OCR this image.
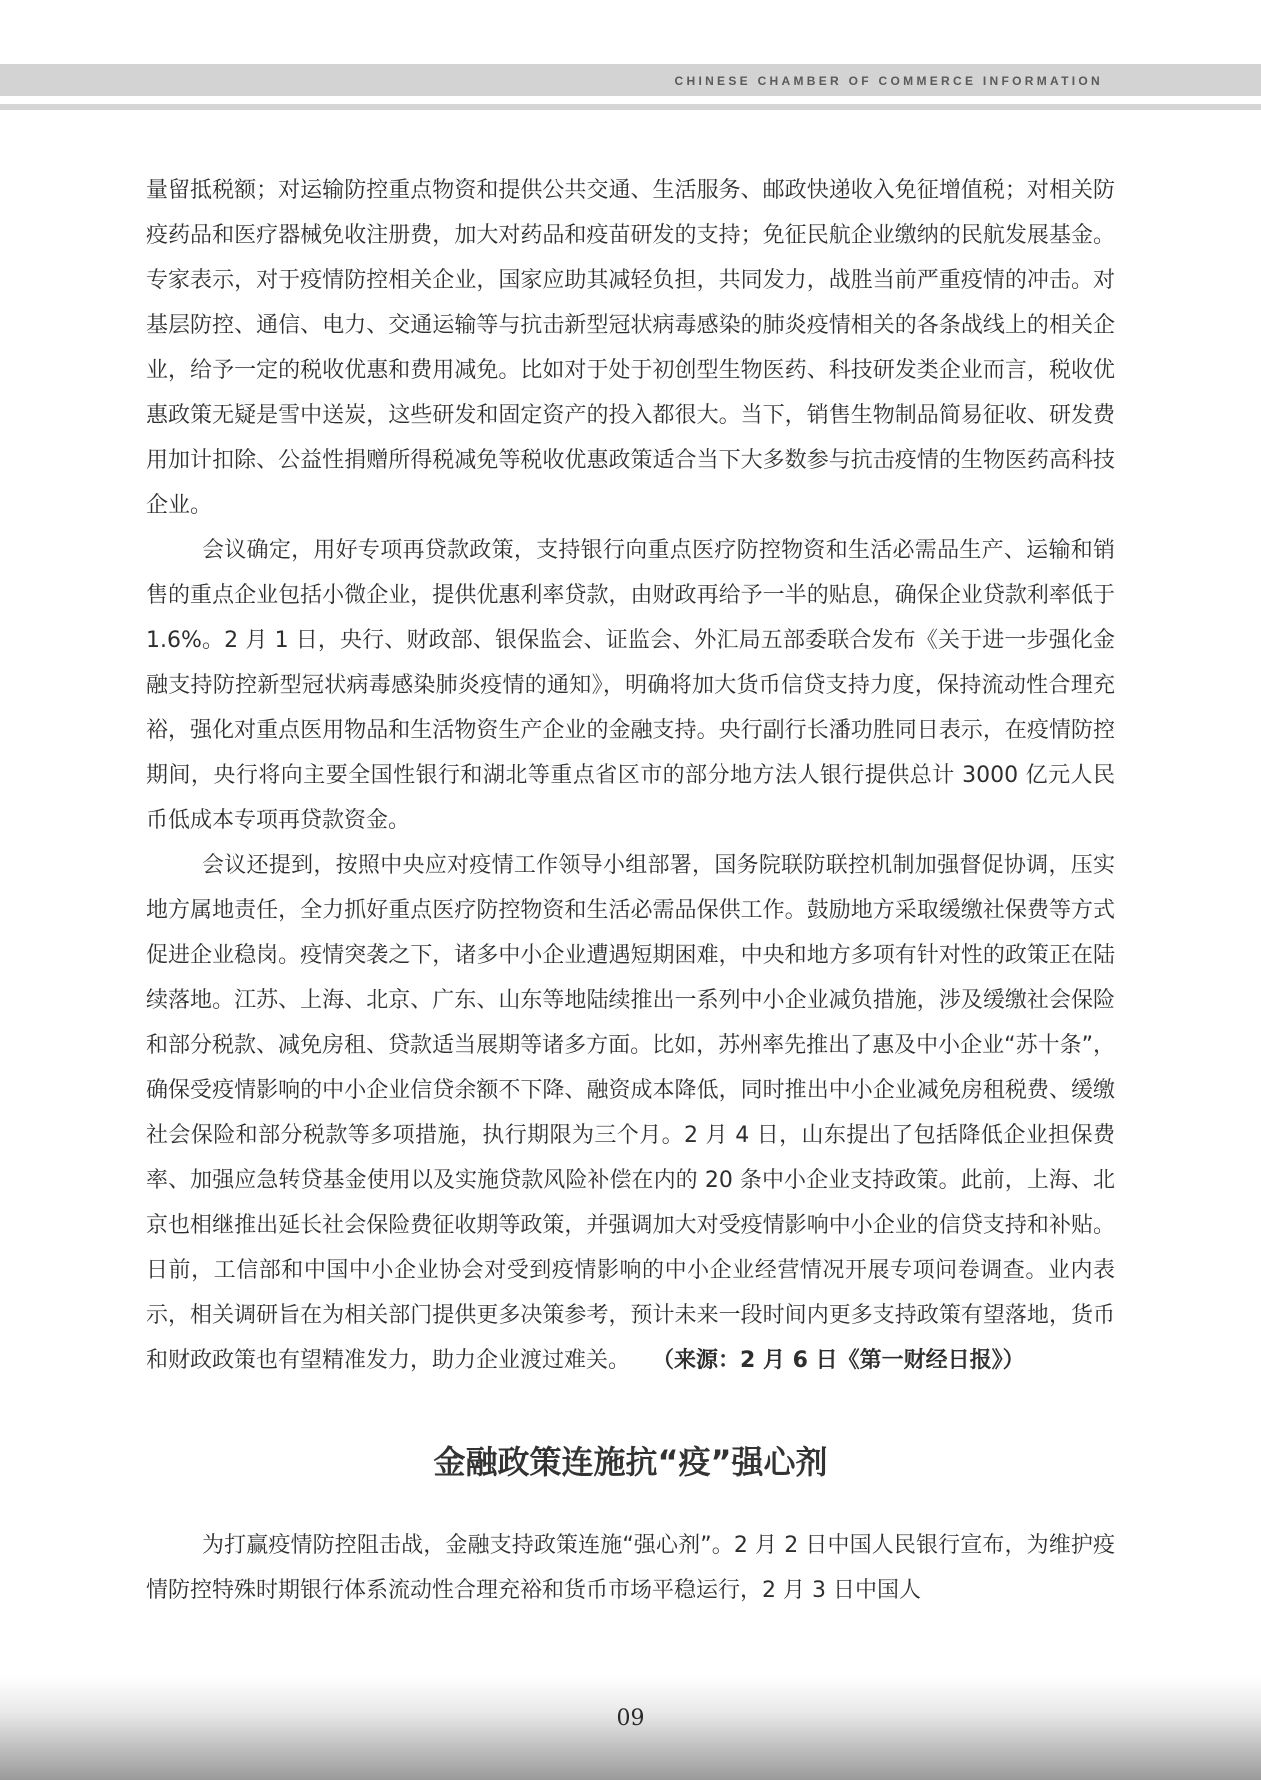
CHINESE CHAMBER OF COMMERCE INFORMATION

量留抵税额；对运输防控重点物资和提供公共交通、生活服务、邮政快递收入免征增值税；对相关防疫药品和医疗器械免收注册费，加大对药品和疫苗研发的支持；免征民航企业缴纳的民航发展基金。专家表示，对于疫情防控相关企业，国家应助其减轻负担，共同发力，战胜当前严重疫情的冲击。对基层防控、通信、电力、交通运输等与抗击新型冠状病毒感染的肺炎疫情相关的各条战线上的相关企业，给予一定的税收优惠和费用减免。比如对于处于初创型生物医药、科技研发类企业而言，税收优惠政策无疑是雪中送炭，这些研发和固定资产的投入都很大。当下，销售生物制品简易征收、研发费用加计扣除、公益性捐赠所得税减免等税收优惠政策适合当下大多数参与抗击疫情的生物医药高科技企业。

会议确定，用好专项再贷款政策，支持银行向重点医疗防控物资和生活必需品生产、运输和销售的重点企业包括小微企业，提供优惠利率贷款，由财政再给予一半的贴息，确保企业贷款利率低于 1.6%。2 月 1 日，央行、财政部、银保监会、证监会、外汇局五部委联合发布《关于进一步强化金融支持防控新型冠状病毒感染肺炎疫情的通知》，明确将加大货币信贷支持力度，保持流动性合理充裕，强化对重点医用物品和生活物资生产企业的金融支持。央行副行长潘功胜同日表示，在疫情防控期间，央行将向主要全国性银行和湖北等重点省区市的部分地方法人银行提供总计 3000 亿元人民币低成本专项再贷款资金。

会议还提到，按照中央应对疫情工作领导小组部署，国务院联防联控机制加强督促协调，压实地方属地责任，全力抓好重点医疗防控物资和生活必需品保供工作。鼓励地方采取缓缴社保费等方式促进企业稳岗。疫情突袭之下，诸多中小企业遭遇短期困难，中央和地方多项有针对性的政策正在陆续落地。江苏、上海、北京、广东、山东等地陆续推出一系列中小企业减负措施，涉及缓缴社会保险和部分税款、减免房租、贷款适当展期等诸多方面。比如，苏州率先推出了惠及中小企业“苏十条”，确保受疫情影响的中小企业信贷余额不下降、融资成本降低，同时推出中小企业减免房租税费、缓缴社会保险和部分税款等多项措施，执行期限为三个月。2 月 4 日，山东提出了包括降低企业担保费率、加强应急转贷基金使用以及实施贷款风险补偿在内的 20 条中小企业支持政策。此前，上海、北京也相继推出延长社会保险费征收期等政策，并强调加大对受疫情影响中小企业的信贷支持和补贴。日前，工信部和中国中小企业协会对受到疫情影响的中小企业经营情况开展专项问卷调查。业内表示，相关调研旨在为相关部门提供更多决策参考，预计未来一段时间内更多支持政策有望落地，货币和财政政策也有望精准发力，助力企业渡过难关。　　 （来源：2 月 6 日《第一财经日报》）

金融政策连施抗“疫”强心剂

为打赢疫情防控阻击战，金融支持政策连施“强心剂”。2 月 2 日中国人民银行宣布，为维护疫情防控特殊时期银行体系流动性合理充裕和货币市场平稳运行，2 月 3 日中国人

09
